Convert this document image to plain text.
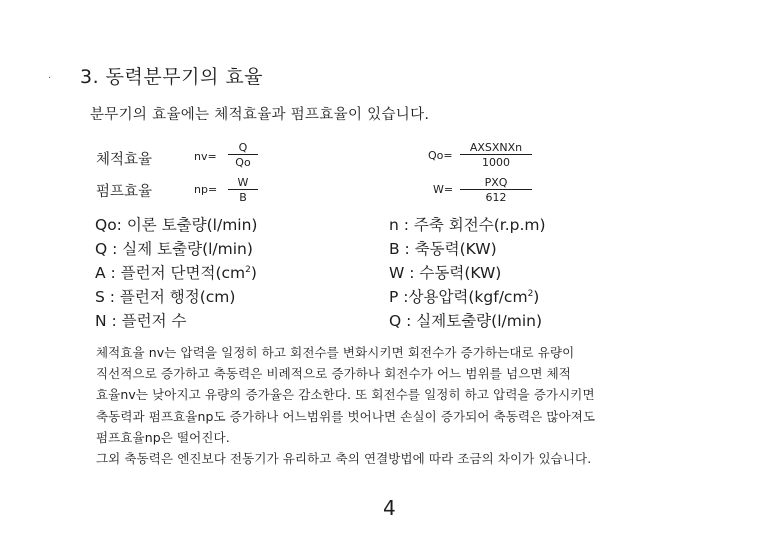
. 3. 동력분무기의 효율
분무기의 효율에는 체적효율과 펌프효율이 있습니다.
체적효율	$nv= \frac{Q}{Qo}$	Qo=
AXSXNXn
1000
펌프효율	$np= \frac{W}{B}$	W=
PXQ
612
Qo: 이론 토출량(l/min)
Q : 실제 토출량(l/min)
A : 플런저 단면적$(cm^2)$
S : 플런저 행정(cm)
N : 플런저 수
n : 주축 회전수(r.p.m)
B : 축동력(KW)
W : 수동력(KW)
P :상용압력$(kgf/cm^2)$
Q : 실제토출량(l/min)

체적효율 nv는 압력을 일정히 하고 회전수를 변화시키면 회전수가 증가하는대로 유량이

직선적으로 증가하고 축동력은 비례적으로 증가하나 회전수가 어느 범위를 넘으면 체적

효율nv는 낮아지고 유량의 증가율은 감소한다. 또 회전수를 일정히 하고 압력을 증가시키면

축동력과 펌프효율np도 증가하나 어느범위를 벗어나면 손실이 증가되어 축동력은 많아져도

펌프효율np은 떨어진다.

그외 축동력은 엔진보다 전동기가 유리하고 축의 연결방법에 따라 조금의 차이가 있습니다.

4
